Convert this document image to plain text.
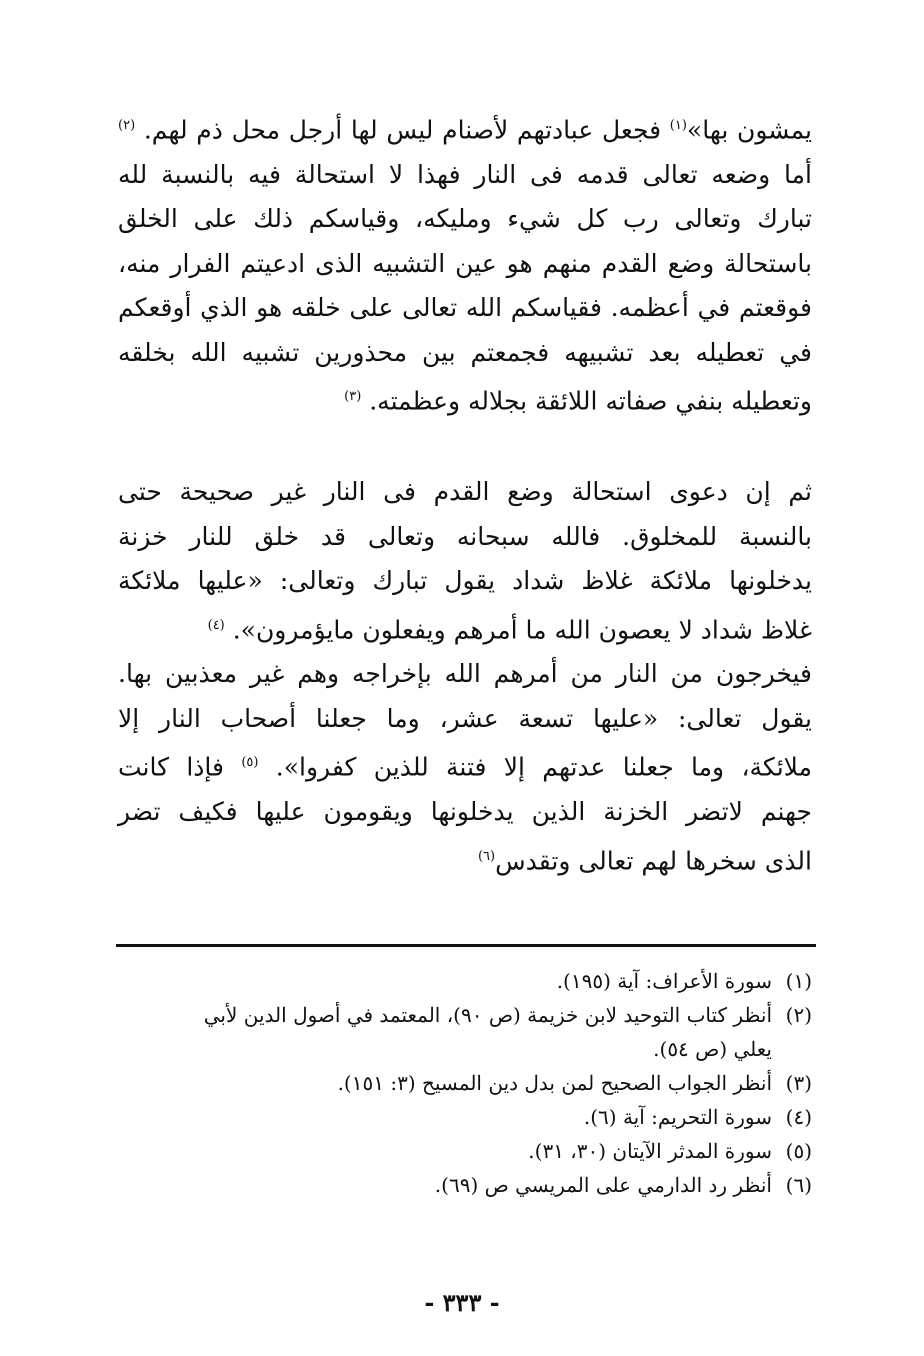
يمشون بها»$^{(١)}$ فجعل عبادتهم لأصنام ليس لها أرجل محل ذم لهم. $^{(٢)}$
أما وضعه تعالى قدمه فى النار فهذا لا استحالة فيه بالنسبة لله
تبارك وتعالى رب كل شيء ومليكه، وقياسكم ذلك على الخلق
باستحالة وضع القدم منهم هو عين التشبيه الذى ادعيتم الفرار منه،
فوقعتم في أعظمه. فقياسكم الله تعالى على خلقه هو الذي أوقعكم
في تعطيله بعد تشبيهه فجمعتم بين محذورين تشبيه الله بخلقه
وتعطيله بنفي صفاته اللائقة بجلاله وعظمته. $^{(٣)}$
ثم إن دعوى استحالة وضع القدم فى النار غير صحيحة حتى
بالنسبة للمخلوق. فالله سبحانه وتعالى قد خلق للنار خزنة
يدخلونها ملائكة غلاظ شداد يقول تبارك وتعالى: «عليها ملائكة
غلاظ شداد لا يعصون الله ما أمرهم ويفعلون مايؤمرون». $^{(٤)}$
فيخرجون من النار من أمرهم الله بإخراجه وهم غير معذبين بها.
يقول تعالى: «عليها تسعة عشر، وما جعلنا أصحاب النار إلا
ملائكة، وما جعلنا عدتهم إلا فتنة للذين كفروا». $^{(٥)}$ فإذا كانت
جهنم لاتضر الخزنة الذين يدخلونها ويقومون عليها فكيف تضر
الذى سخرها لهم تعالى وتقدس$^{(٦)}$
(١)سورة الأعراف: آية (١٩٥).
(٢)أنظر كتاب التوحيد لابن خزيمة (ص ٩٠)، المعتمد في أصول الدين لأبي
يعلي (ص ٥٤).
(٣)أنظر الجواب الصحيح لمن بدل دين المسيح (٣: ١٥١).
(٤)سورة التحريم: آية (٦).
(٥)سورة المدثر الآيتان (٣٠، ٣١).
(٦)أنظر رد الدارمي على المريسي ص (٦٩).
- ٣٣٣ -
